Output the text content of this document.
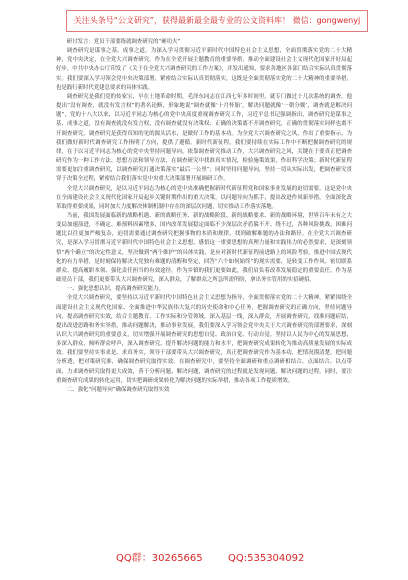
关注头条号“公文研究”，获得最新最全最专业的公文资料库！ 微信：gongwenyj

研讨发言：党员干部要练就调查研究的“硬功夫”

调查研究是谋事之基、成事之道。为深入学习贯彻习近平新时代中国特色社会主义思想，全面贯彻落实党的二十大精神，党中央决定，在全党大兴调查研究。作为在全党开展主题教育的重要举措，推动全面建设社会主义现代化国家开好局起好步，中共中央办公厅印发了《关于在全党大兴调查研究的工作方案》，并发出通知，要求各地区各部门结合实际认真贯彻落实。我们要深入学习领会党中央决策部署，紧密结合实际认真贯彻落实，这既是全面贯彻落实党的二十大精神的重要举措，也是践行新时代党建总要求的具体实践。

调查研究是我们党的传家宝，早在土地革命时期，毛泽东同志在江西七年多时间里，就专门做过十几次系统的调查，他提出“没有调查，就没有发言权”的著名论断，形象地说“调查就像‘十月怀胎’，解决问题就像‘一朝分娩’，调查就是解决问题”，党的十八大以来，以习近平同志为核心的党中央高度重视调查研究工作，习近平总书记强调指出，调查研究是谋事之基、成事之道，没有调查就没有发言权，没有调查就没有决策权；正确的决策离不开调查研究，正确的贯彻落实同样也离不开调查研究。调查研究是获得真知的见的源头活水，是做好工作的基本功。为全党大兴调查研究之风，作出了重要指示，为我们做好新时代调查研究工作指明了方向，提供了遵循。新时代新征程，我们要持续在实际工作中不断把握调查研究的规律，在于以习近平同志为核心的党中央坚持问题导向，依靠调查研究推动工作，大兴调查研究之风，关键在于要真正把调查研究作为一种工作方法、思想方法和领导方法，在调查研究中找准真实情况，检验施策效果，作出科学决策；新时代新征程需要更加注重调查研究，以调查研究打通决策落实“最后一公里”；同时坚持问题导向，坚持一切从实际出发，把调查研究贯穿于决策全过程，紧密结合我们落实党中央重大决策部署开展调研工作。

全党大兴调查研究，是以习近平同志为核心的党中央准确把握新时代新征程党和国家事业发展的迫切需要，这是党中央在全面建设社会主义现代化国家开局起步关键时期作出的重大决策。以问题导向为抓手，提出改进作风新举措，全面深化改革取得重要成果，同时加大力度解决体制机制中存在的深层次问题，切实推动工作落实落地。

当前，我国发展面临新的战略机遇、新的战略任务、新的战略阶段、新的战略要求、新的战略环境，世界百年未有之大变局加速演进，不确定、难预料因素增多，国内改革发展稳定面临不少深层次矛盾躲不开、绕不过，各种风险挑战、困难问题比以往更加严峻复杂，迫切需要通过调查研究把握事物的本质和规律，找到破解难题的办法和路径。在全党大兴调查研究，是深入学习贯彻习近平新时代中国特色社会主义思想，感悟这一重要思想的真理力量和实践伟力的必然要求，是深刻领悟“两个确立”的决定性意义，坚决做到“两个维护”的具体实践，是应对新时代新征程前进路上的风险考验，推进中国式现代化的有力举措，是时刻保持解决大党独有难题的清醒和坚定，回答“六个如何始终”的现实需要，是转变工作作风、密切联系群众、提高履职本领、强化责任担当的有效途径。作为乡镇的我们更要如此，我们肩负着改革发展稳定的重要责任，作为基础党员干部，我们更要带头大兴调查研究，深入群众，了解群众之所急所需所盼，拿出务实管用的实招硬招。

一、强化思想认识，提高调查研究能力。

全党大兴调查研究，要坚持以习近平新时代中国特色社会主义思想为指导，全面贯彻落实党的二十大精神，紧紧围绕全面建设社会主义现代化国家、全面推进中华民族伟大复兴的历史使命和中心任务，把握调查研究的正确方向，坚持问题导向，提高调查研究实效，结合主题教育、工作实际和分管领域，深入基层一线，深入群众，开展调查研究，找准问题症结，提出改进思路和务实举措，推动问题解决，推动事业发展。我们要深入学习领会党中央关于大兴调查研究的部署要求，深刻认识大兴调查研究的重要意义，切实增强开展调查研究的思想自觉、政治自觉、行动自觉。坚持以人民为中心的发展思想，多深入群众，倾听群众呼声，深入调查研究，提升解决问题的能力和水平，把调查研究成果转化为推动高质量发展的实际成效。我们要坚持实事求是、求真务实，领导干部要带头大兴调查研究，真正把调查研究作为基本功，把情况摸清楚，把问题分析透，把对策研究准，确保调查研究取得实效。在调查研究中，要坚持全面调研和重点调研相结合、点面结合、以点带面，力求调查研究取得更大成效，善于分析问题、解决问题，调查研究的过程就是发现问题、解决问题的过程。同时，要注重调查研究成果的转化运用，切实把调研成果转化为解决问题的实际举措，推动各项工作提质增效。

二、强化“问题导向”确保调查研究取得实效

QQ群：30265665	QQ:535304092
